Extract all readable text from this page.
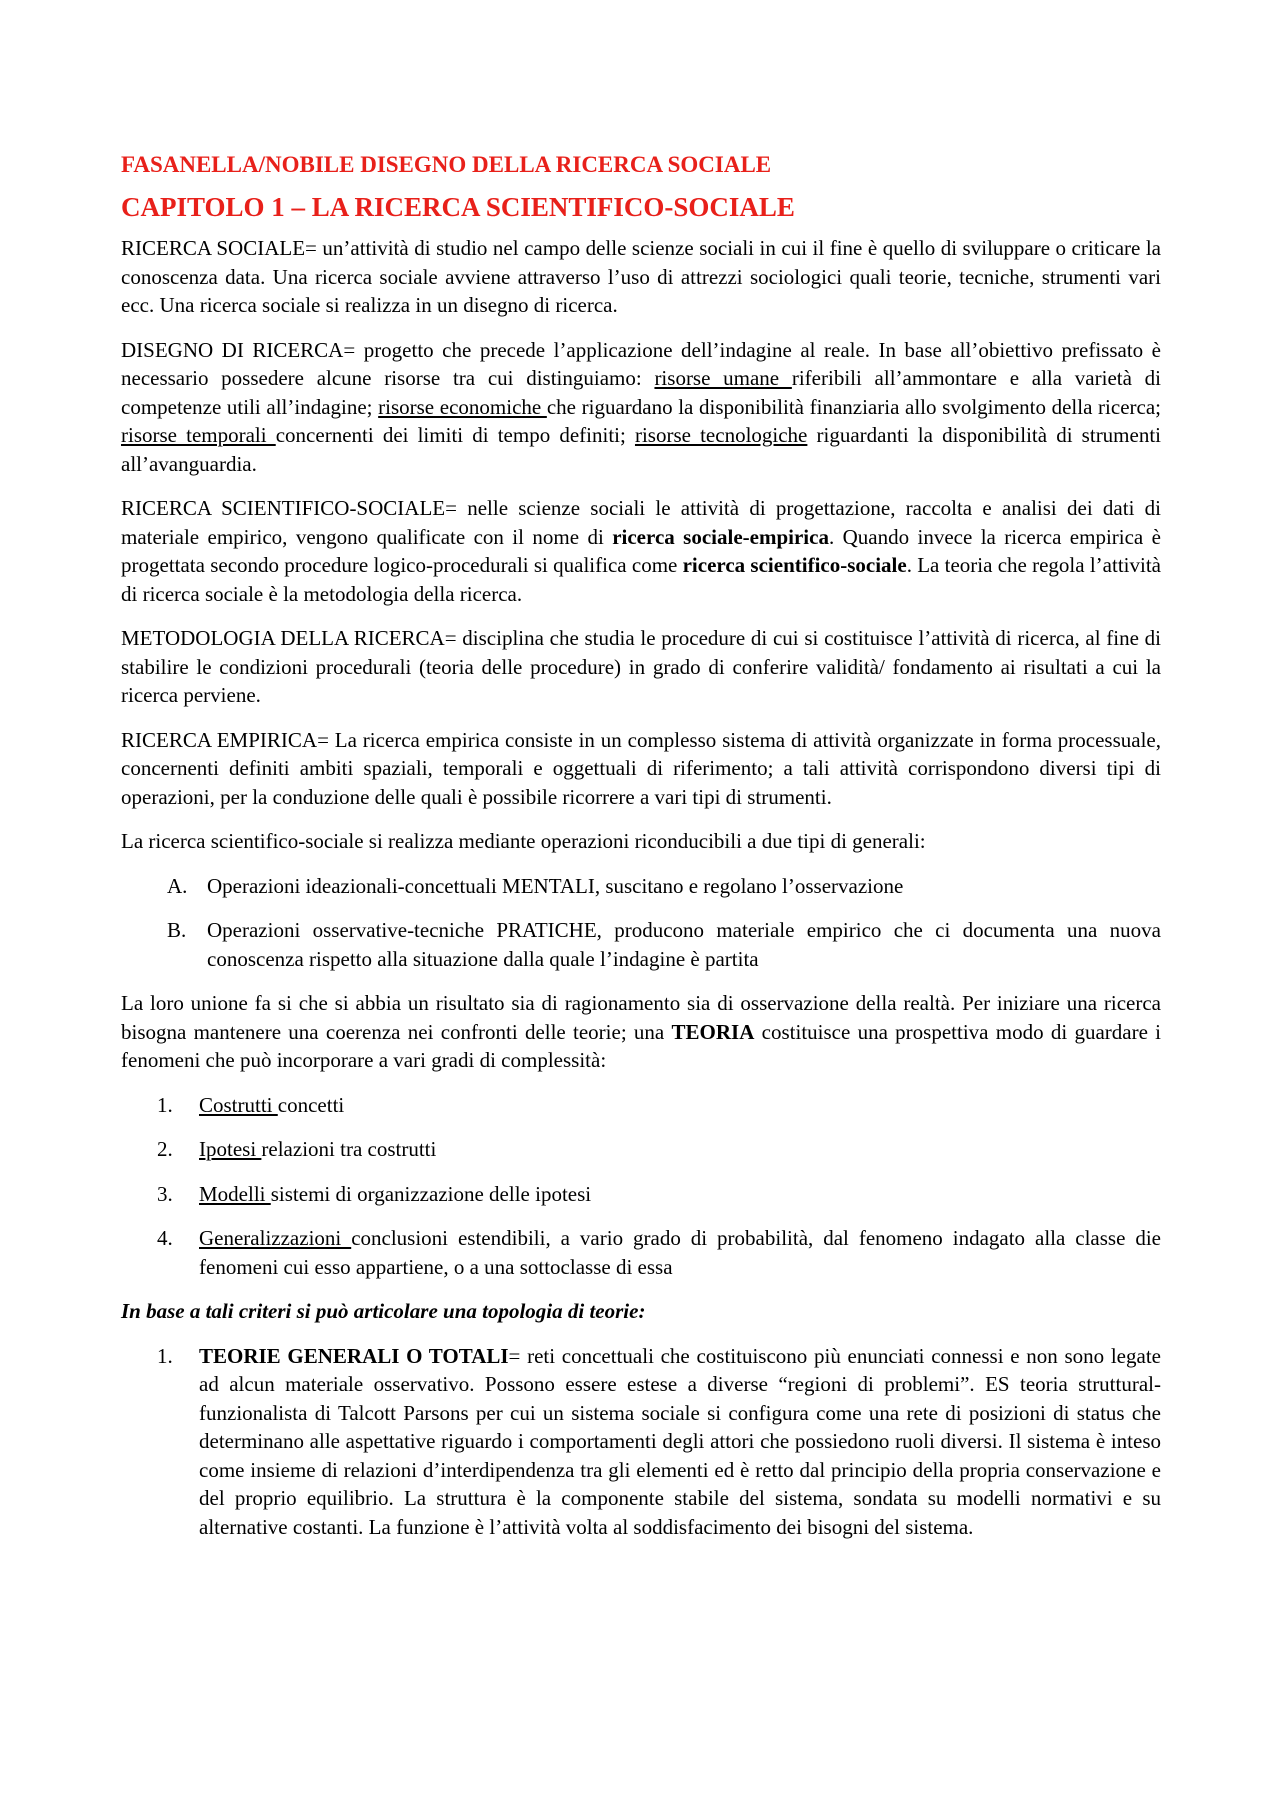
FASANELLA/NOBILE DISEGNO DELLA RICERCA SOCIALE
CAPITOLO 1 – LA RICERCA SCIENTIFICO-SOCIALE

RICERCA SOCIALE= un’attività di studio nel campo delle scienze sociali in cui il fine è quello di sviluppare o criticare la conoscenza data. Una ricerca sociale avviene attraverso l’uso di attrezzi sociologici quali teorie, tecniche, strumenti vari ecc. Una ricerca sociale si realizza in un disegno di ricerca.

DISEGNO DI RICERCA= progetto che precede l’applicazione dell’indagine al reale. In base all’obiettivo prefissato è necessario possedere alcune risorse tra cui distinguiamo: risorse umane riferibili all’ammontare e alla varietà di competenze utili all’indagine; risorse economiche che riguardano la disponibilità finanziaria allo svolgimento della ricerca; risorse temporali concernenti dei limiti di tempo definiti; risorse tecnologiche riguardanti la disponibilità di strumenti all’avanguardia.

RICERCA SCIENTIFICO-SOCIALE= nelle scienze sociali le attività di progettazione, raccolta e analisi dei dati di materiale empirico, vengono qualificate con il nome di ricerca sociale-empirica. Quando invece la ricerca empirica è progettata secondo procedure logico-procedurali si qualifica come ricerca scientifico-sociale. La teoria che regola l’attività di ricerca sociale è la metodologia della ricerca.

METODOLOGIA DELLA RICERCA= disciplina che studia le procedure di cui si costituisce l’attività di ricerca, al fine di stabilire le condizioni procedurali (teoria delle procedure) in grado di conferire validità/ fondamento ai risultati a cui la ricerca perviene.

RICERCA EMPIRICA= La ricerca empirica consiste in un complesso sistema di attività organizzate in forma processuale, concernenti definiti ambiti spaziali, temporali e oggettuali di riferimento; a tali attività corrispondono diversi tipi di operazioni, per la conduzione delle quali è possibile ricorrere a vari tipi di strumenti.

La ricerca scientifico-sociale si realizza mediante operazioni riconducibili a due tipi di generali:

A. Operazioni ideazionali-concettuali MENTALI, suscitano e regolano l’osservazione
B. Operazioni osservative-tecniche PRATICHE, producono materiale empirico che ci documenta una nuova conoscenza rispetto alla situazione dalla quale l’indagine è partita

La loro unione fa si che si abbia un risultato sia di ragionamento sia di osservazione della realtà. Per iniziare una ricerca bisogna mantenere una coerenza nei confronti delle teorie; una TEORIA costituisce una prospettiva modo di guardare i fenomeni che può incorporare a vari gradi di complessità:

1.	Costrutti concetti
2.	Ipotesi relazioni tra costrutti
3.	Modelli sistemi di organizzazione delle ipotesi
4.	Generalizzazioni conclusioni estendibili, a vario grado di probabilità, dal fenomeno indagato alla classe die fenomeni cui esso appartiene, o a una sottoclasse di essa

In base a tali criteri si può articolare una topologia di teorie:

1.	TEORIE GENERALI O TOTALI= reti concettuali che costituiscono più enunciati connessi e non sono legate ad alcun materiale osservativo. Possono essere estese a diverse “regioni di problemi”. ES teoria struttural-funzionalista di Talcott Parsons per cui un sistema sociale si configura come una rete di posizioni di status che determinano alle aspettative riguardo i comportamenti degli attori che possiedono ruoli diversi. Il sistema è inteso come insieme di relazioni d’interdipendenza tra gli elementi ed è retto dal principio della propria conservazione e del proprio equilibrio. La struttura è la componente stabile del sistema, sondata su modelli normativi e su alternative costanti. La funzione è l’attività volta al soddisfacimento dei bisogni del sistema.
